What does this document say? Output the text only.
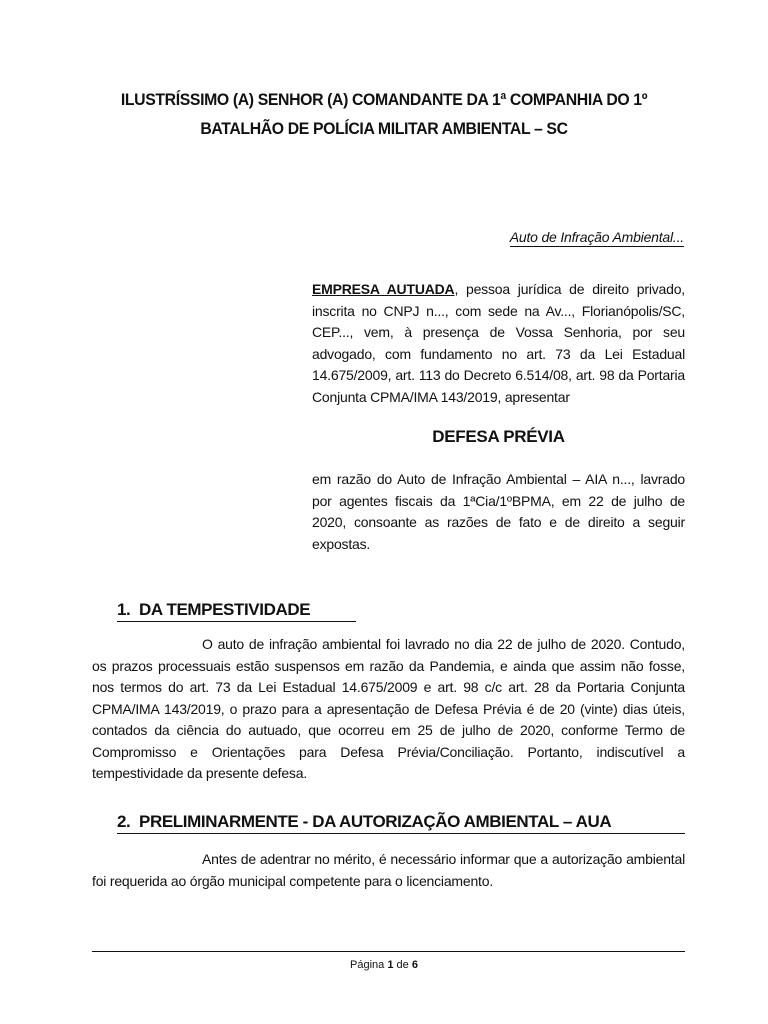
ILUSTRÍSSIMO (A) SENHOR (A) COMANDANTE DA 1ª COMPANHIA DO 1º
BATALHÃO DE POLÍCIA MILITAR AMBIENTAL – SC
Auto de Infração Ambiental...
EMPRESA AUTUADA, pessoa jurídica de direito privado, inscrita no CNPJ n..., com sede na Av..., Florianópolis/SC, CEP..., vem, à presença de Vossa Senhoria, por seu advogado, com fundamento no art. 73 da Lei Estadual 14.675/2009, art. 113 do Decreto 6.514/08, art. 98 da Portaria Conjunta CPMA/IMA 143/2019, apresentar
DEFESA PRÉVIA
em razão do Auto de Infração Ambiental – AIA n..., lavrado por agentes fiscais da 1ªCia/1ºBPMA, em 22 de julho de 2020, consoante as razões de fato e de direito a seguir expostas.
1. DA TEMPESTIVIDADE
O auto de infração ambiental foi lavrado no dia 22 de julho de 2020. Contudo, os prazos processuais estão suspensos em razão da Pandemia, e ainda que assim não fosse, nos termos do art. 73 da Lei Estadual 14.675/2009 e art. 98 c/c art. 28 da Portaria Conjunta CPMA/IMA 143/2019, o prazo para a apresentação de Defesa Prévia é de 20 (vinte) dias úteis, contados da ciência do autuado, que ocorreu em 25 de julho de 2020, conforme Termo de Compromisso e Orientações para Defesa Prévia/Conciliação. Portanto, indiscutível a tempestividade da presente defesa.
2. PRELIMINARMENTE - DA AUTORIZAÇÃO AMBIENTAL – AUA
Antes de adentrar no mérito, é necessário informar que a autorização ambiental foi requerida ao órgão municipal competente para o licenciamento.
Página 1 de 6
